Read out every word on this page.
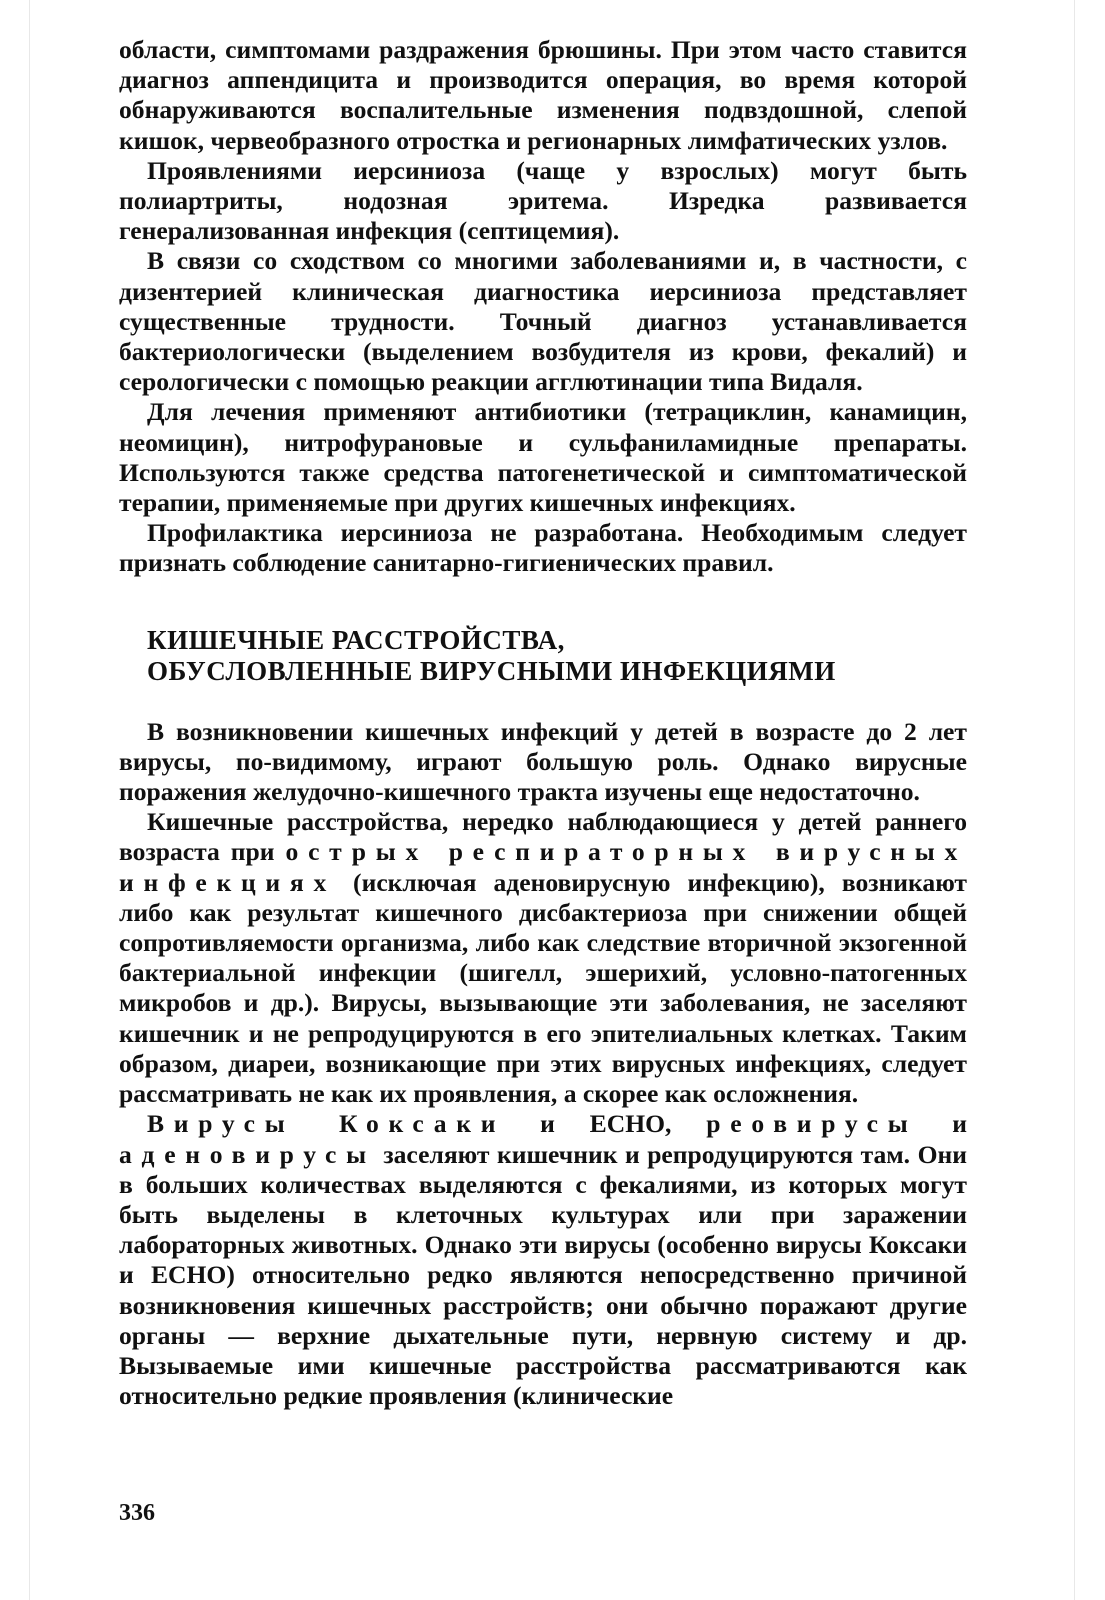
области, симптомами раздражения брюшины. При этом часто ставится диагноз аппендицита и производится операция, во время которой обнаруживаются воспалительные изменения подвздошной, слепой кишок, червеобразного отростка и регионарных лимфатических узлов.

Проявлениями иерсиниоза (чаще у взрослых) могут быть полиартриты, нодозная эритема. Изредка развивается генерализованная инфекция (септицемия).

В связи со сходством со многими заболеваниями и, в частности, с дизентерией клиническая диагностика иерсиниоза представляет существенные трудности. Точный диагноз устанавливается бактериологически (выделением возбудителя из крови, фекалий) и серологически с помощью реакции агглютинации типа Видаля.

Для лечения применяют антибиотики (тетрациклин, канамицин, неомицин), нитрофурановые и сульфаниламидные препараты. Используются также средства патогенетической и симптоматической терапии, применяемые при других кишечных инфекциях.

Профилактика иерсиниоза не разработана. Необходимым следует признать соблюдение санитарно-гигиенических правил.

КИШЕЧНЫЕ РАССТРОЙСТВА,
ОБУСЛОВЛЕННЫЕ ВИРУСНЫМИ ИНФЕКЦИЯМИ

В возникновении кишечных инфекций у детей в возрасте до 2 лет вирусы, по-видимому, играют большую роль. Однако вирусные поражения желудочно-кишечного тракта изучены еще недостаточно.

Кишечные расстройства, нередко наблюдающиеся у детей раннего возраста при острых респираторных вирусных инфекциях (исключая аденовирусную инфекцию), возникают либо как результат кишечного дисбактериоза при снижении общей сопротивляемости организма, либо как следствие вторичной экзогенной бактериальной инфекции (шигелл, эшерихий, условно-патогенных микробов и др.). Вирусы, вызывающие эти заболевания, не заселяют кишечник и не репродуцируются в его эпителиальных клетках. Таким образом, диареи, возникающие при этих вирусных инфекциях, следует рассматривать не как их проявления, а скорее как осложнения.

Вирусы Коксаки и ECHO, реовирусы и аденовирусы заселяют кишечник и репродуцируются там. Они в больших количествах выделяются с фекалиями, из которых могут быть выделены в клеточных культурах или при заражении лабораторных животных. Однако эти вирусы (особенно вирусы Коксаки и ECHO) относительно редко являются непосредственно причиной возникновения кишечных расстройств; они обычно поражают другие органы — верхние дыхательные пути, нервную систему и др. Вызываемые ими кишечные расстройства рассматриваются как относительно редкие проявления (клинические

336
